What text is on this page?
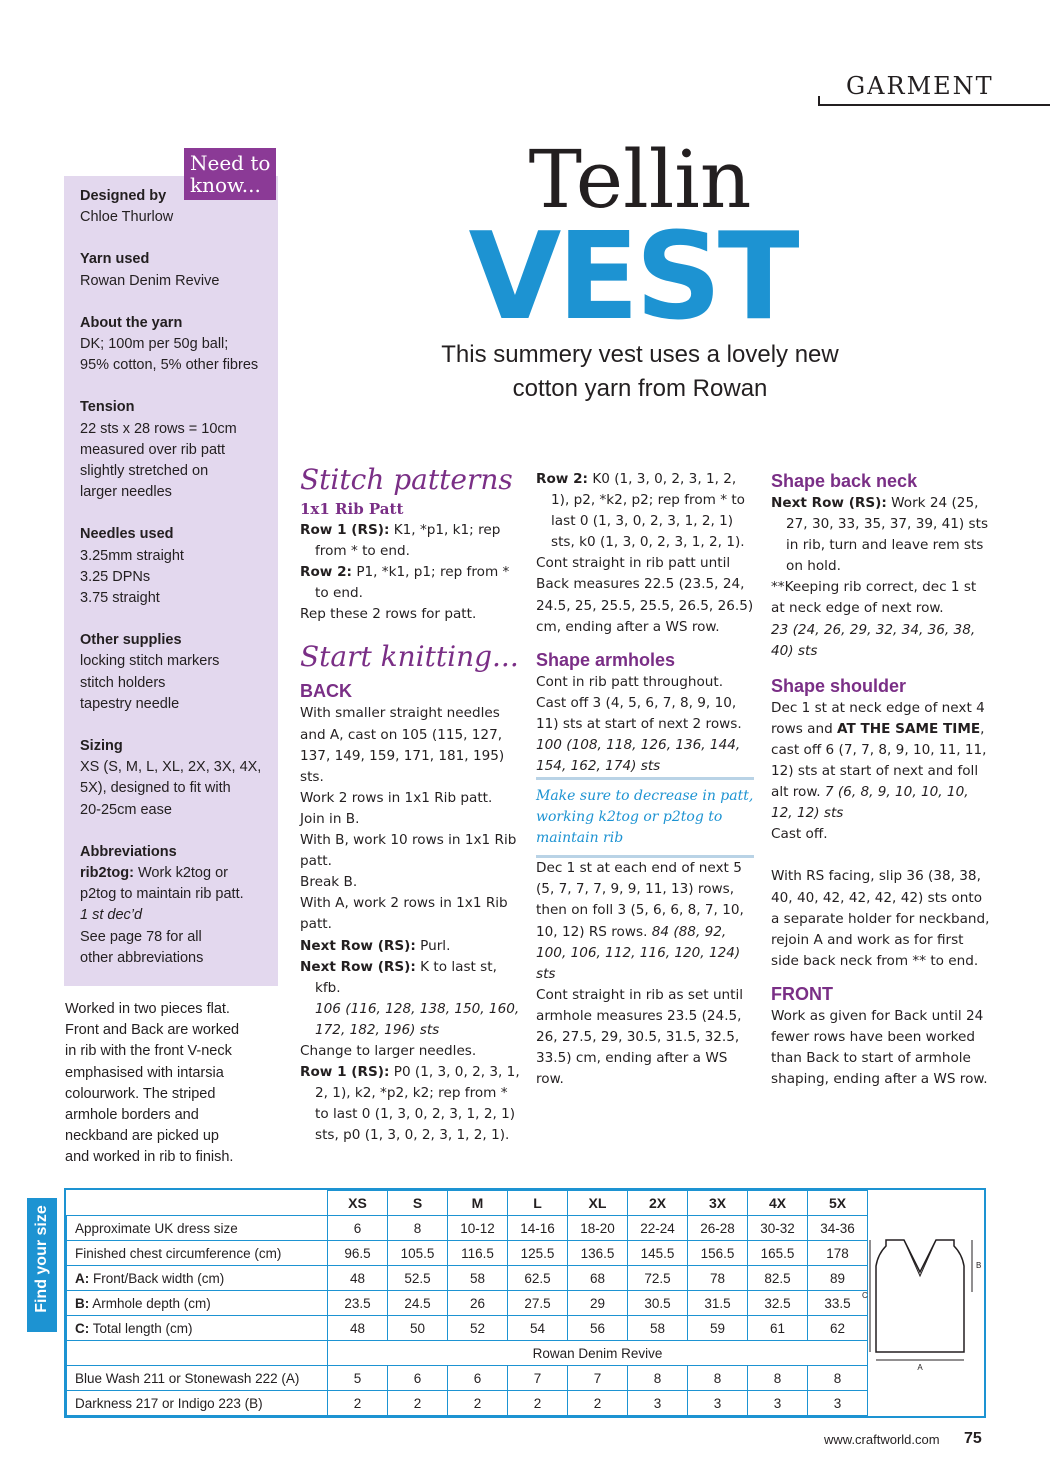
GARMENT
Tellin
VEST
This summery vest uses a lovely new
cotton yarn from Rowan
Need to
know...
Designed by
Chloe Thurlow
Yarn used
Rowan Denim Revive
About the yarn
DK; 100m per 50g ball;
95% cotton, 5% other fibres
Tension
22 sts x 28 rows = 10cm
measured over rib patt
slightly stretched on
larger needles
Needles used
3.25mm straight
3.25 DPNs
3.75 straight
Other supplies
locking stitch markers
stitch holders
tapestry needle
Sizing
XS (S, M, L, XL, 2X, 3X, 4X,
5X), designed to fit with
20-25cm ease
Abbreviations
rib2tog: Work k2tog or
p2tog to maintain rib patt.
1 st dec’d
See page 78 for all
other abbreviations
Worked in two pieces flat.
Front and Back are worked
in rib with the front V-neck
emphasised with intarsia
colourwork. The striped
armhole borders and
neckband are picked up
and worked in rib to finish.

Stitch patterns

1x1 Rib Patt

Row 1 (RS): K1, *p1, k1; rep from * to end.

Row 2: P1, *k1, p1; rep from * to end.

Rep these 2 rows for patt.

Start knitting...

BACK

With smaller straight needles and A, cast on 105 (115, 127, 137, 149, 159, 171, 181, 195) sts.

Work 2 rows in 1x1 Rib patt.

Join in B.

With B, work 10 rows in 1x1 Rib patt.

Break B.

With A, work 2 rows in 1x1 Rib patt.

Next Row (RS): Purl.

Next Row (RS): K to last st, kfb.
106 (116, 128, 138, 150, 160, 172, 182, 196) sts

Change to larger needles.

Row 1 (RS): P0 (1, 3, 0, 2, 3, 1, 2, 1), k2, *p2, k2; rep from * to last 0 (1, 3, 0, 2, 3, 1, 2, 1) sts, p0 (1, 3, 0, 2, 3, 1, 2, 1).

Row 2: K0 (1, 3, 0, 2, 3, 1, 2, 1), p2, *k2, p2; rep from * to last 0 (1, 3, 0, 2, 3, 1, 2, 1) sts, k0 (1, 3, 0, 2, 3, 1, 2, 1).

Cont straight in rib patt until Back measures 22.5 (23.5, 24, 24.5, 25, 25.5, 25.5, 26.5, 26.5) cm, ending after a WS row.

Shape armholes

Cont in rib patt throughout.

Cast off 3 (4, 5, 6, 7, 8, 9, 10, 11) sts at start of next 2 rows.

100 (108, 118, 126, 136, 144, 154, 162, 174) sts

Make sure to decrease in patt, working k2tog or p2tog to maintain rib

Dec 1 st at each end of next 5 (5, 7, 7, 7, 9, 9, 11, 13) rows, then on foll 3 (5, 6, 6, 8, 7, 10, 10, 12) RS rows. 84 (88, 92, 100, 106, 112, 116, 120, 124) sts

Cont straight in rib as set until armhole measures 23.5 (24.5, 26, 27.5, 29, 30.5, 31.5, 32.5, 33.5) cm, ending after a WS row.

Shape back neck

Next Row (RS): Work 24 (25, 27, 30, 33, 35, 37, 39, 41) sts in rib, turn and leave rem sts on hold.

**Keeping rib correct, dec 1 st at neck edge of next row.
23 (24, 26, 29, 32, 34, 36, 38, 40) sts

Shape shoulder

Dec 1 st at neck edge of next 4 rows and AT THE SAME TIME, cast off 6 (7, 7, 8, 9, 10, 11, 11, 12) sts at start of next and foll alt row. 7 (6, 8, 9, 10, 10, 10, 12, 12) sts

Cast off.

With RS facing, slip 36 (38, 38, 40, 40, 42, 42, 42, 42) sts onto a separate holder for neckband, rejoin A and work as for first side back neck from ** to end.

FRONT

Work as given for Back until 24 fewer rows have been worked than Back to start of armhole shaping, ending after a WS row.

Find your size
	XS	S	M	L	XL	2X	3X	4X	5X
Approximate UK dress size	6	8	10-12	14-16	18-20	22-24	26-28	30-32	34-36
Finished chest circumference (cm)	96.5	105.5	116.5	125.5	136.5	145.5	156.5	165.5	178
A: Front/Back width (cm)	48	52.5	58	62.5	68	72.5	78	82.5	89
B: Armhole depth (cm)	23.5	24.5	26	27.5	29	30.5	31.5	32.5	33.5
C: Total length (cm)	48	50	52	54	56	58	59	61	62
	Rowan Denim Revive								
Blue Wash 211 or Stonewash 222 (A)	5	6	6	7	7	8	8	8	8
Darkness 217 or Indigo 223 (B)	2	2	2	2	2	3	3	3	3
A
B
C
www.craftworld.com 75
